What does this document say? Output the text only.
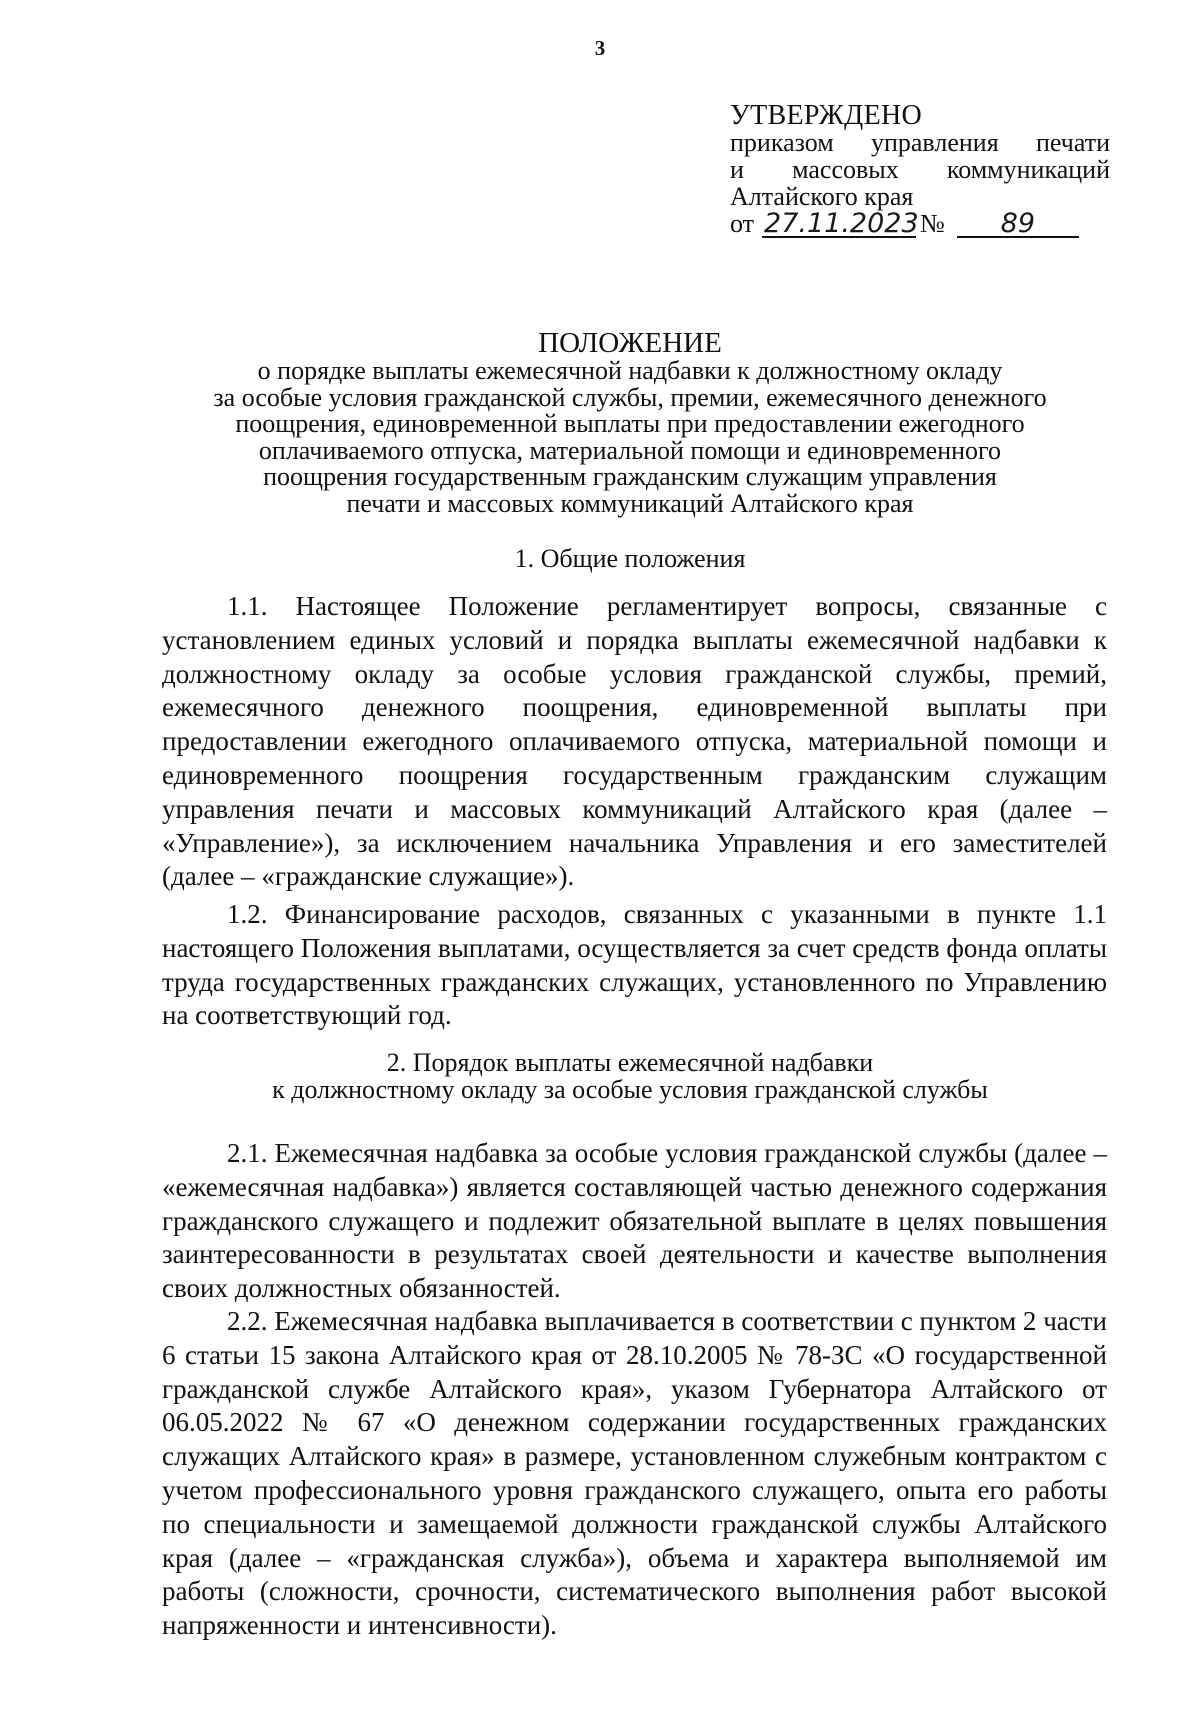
3
УТВЕРЖДЕНО
приказом управления печати
и массовых коммуникаций
Алтайского края
от 27.11.2023 №	89
ПОЛОЖЕНИЕ
о порядке выплаты ежемесячной надбавки к должностному окладу
за особые условия гражданской службы, премии, ежемесячного денежного
поощрения, единовременной выплаты при предоставлении ежегодного
оплачиваемого отпуска, материальной помощи и единовременного
поощрения государственным гражданским служащим управления
печати и массовых коммуникаций Алтайского края
1. Общие положения

1.1. Настоящее Положение регламентирует вопросы, связанные с установлением единых условий и порядка выплаты ежемесячной надбавки к должностному окладу за особые условия гражданской службы, премий, ежемесячного денежного поощрения, единовременной выплаты при предоставлении ежегодного оплачиваемого отпуска, материальной помощи и единовременного поощрения государственным гражданским служащим управления печати и массовых коммуникаций Алтайского края (далее – «Управление»), за исключением начальника Управления и его заместителей (далее – «гражданские служащие»).

1.2. Финансирование расходов, связанных с указанными в пункте 1.1 настоящего Положения выплатами, осуществляется за счет средств фонда оплаты труда государственных гражданских служащих, установленного по Управлению на соответствующий год.

2. Порядок выплаты ежемесячной надбавки
к должностному окладу за особые условия гражданской службы

2.1. Ежемесячная надбавка за особые условия гражданской службы (далее – «ежемесячная надбавка») является составляющей частью денежного содержания гражданского служащего и подлежит обязательной выплате в целях повышения заинтересованности в результатах своей деятельности и качестве выполнения своих должностных обязанностей.

2.2. Ежемесячная надбавка выплачивается в соответствии с пунктом 2 части 6 статьи 15 закона Алтайского края от 28.10.2005 № 78-ЗС «О государственной гражданской службе Алтайского края», указом Губернатора Алтайского от 06.05.2022 № 67 «О денежном содержании государственных гражданских служащих Алтайского края» в размере, установленном служебным контрактом с учетом профессионального уровня гражданского служащего, опыта его работы по специальности и замещаемой должности гражданской службы Алтайского края (далее – «гражданская служба»), объема и характера выполняемой им работы (сложности, срочности, систематического выполнения работ высокой напряженности и интенсивности).
